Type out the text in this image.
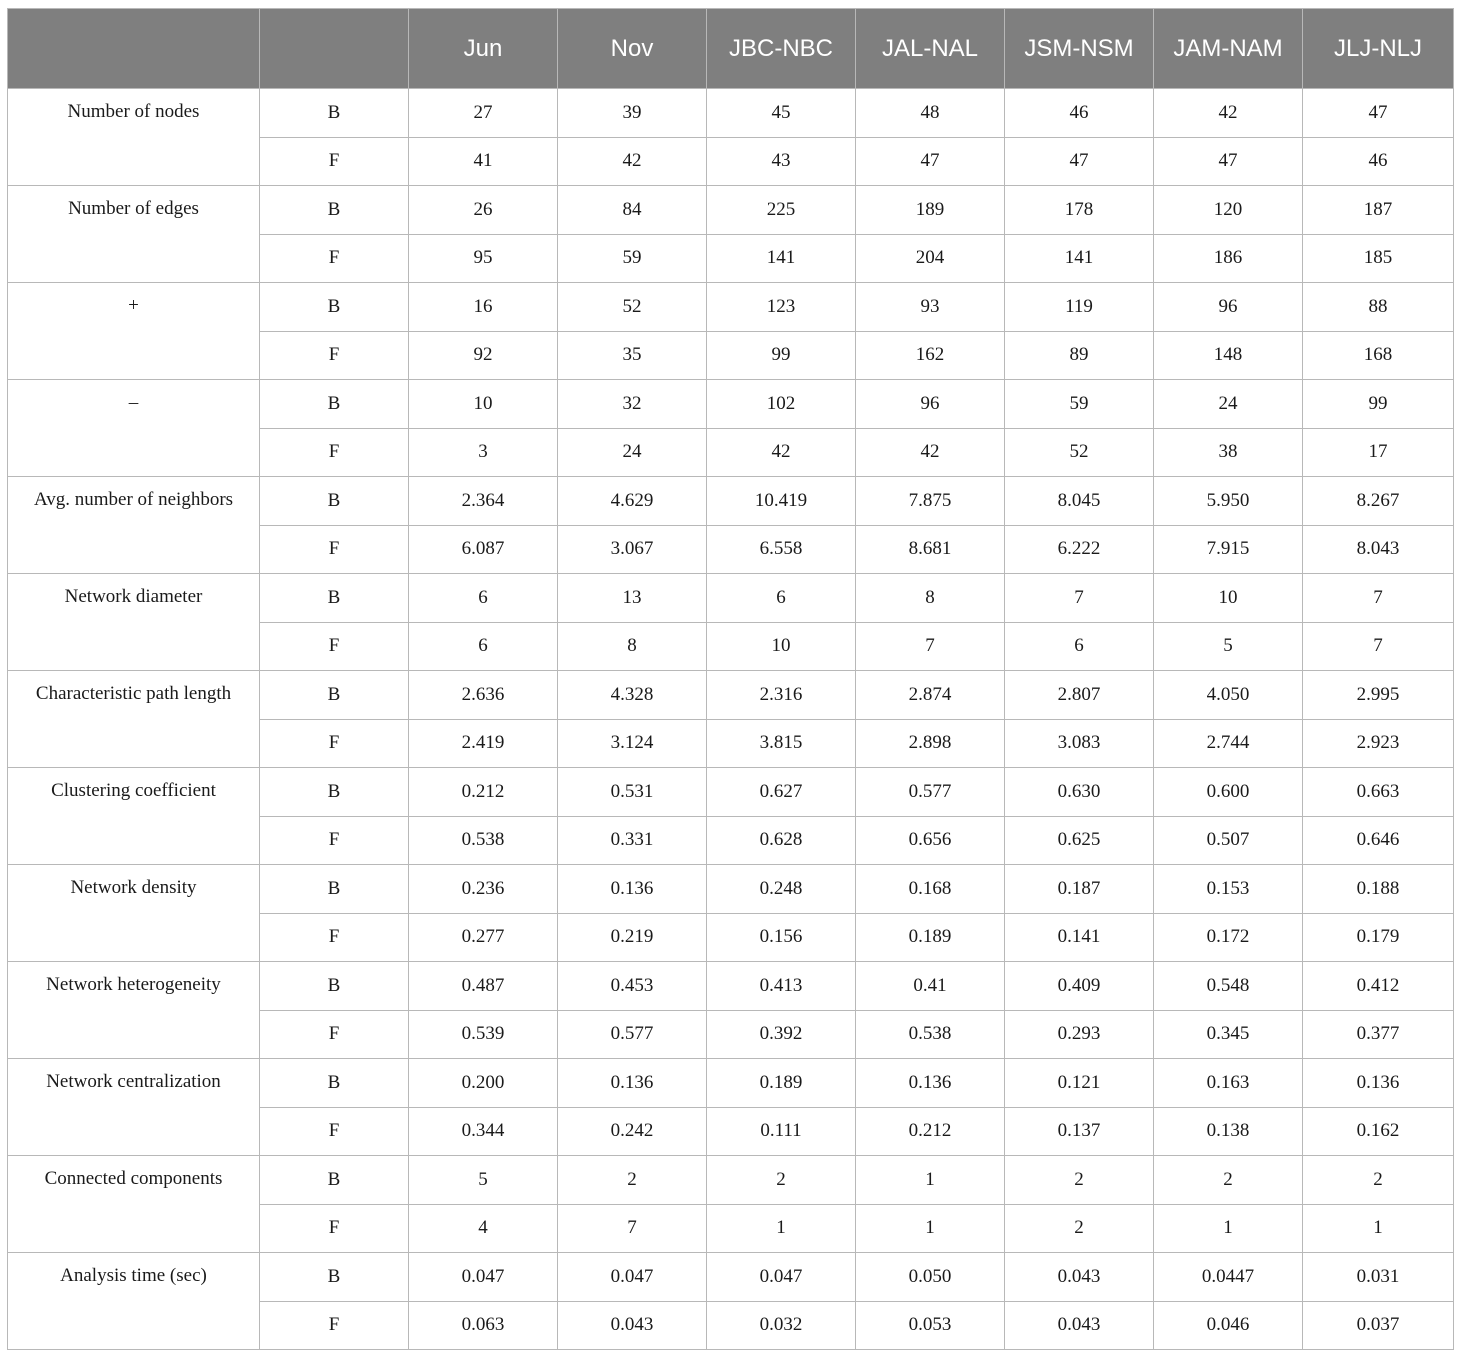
		Jun	Nov	JBC-NBC	JAL-NAL	JSM-NSM	JAM-NAM	JLJ-NLJ
Number of nodes	B	27	39	45	48	46	42	47
	F	41	42	43	47	47	47	46
Number of edges	B	26	84	225	189	178	120	187
	F	95	59	141	204	141	186	185
+	B	16	52	123	93	119	96	88
	F	92	35	99	162	89	148	168
–	B	10	32	102	96	59	24	99
	F	3	24	42	42	52	38	17
Avg. number of neighbors	B	2.364	4.629	10.419	7.875	8.045	5.950	8.267
	F	6.087	3.067	6.558	8.681	6.222	7.915	8.043
Network diameter	B	6	13	6	8	7	10	7
	F	6	8	10	7	6	5	7
Characteristic path length	B	2.636	4.328	2.316	2.874	2.807	4.050	2.995
	F	2.419	3.124	3.815	2.898	3.083	2.744	2.923
Clustering coefficient	B	0.212	0.531	0.627	0.577	0.630	0.600	0.663
	F	0.538	0.331	0.628	0.656	0.625	0.507	0.646
Network density	B	0.236	0.136	0.248	0.168	0.187	0.153	0.188
	F	0.277	0.219	0.156	0.189	0.141	0.172	0.179
Network heterogeneity	B	0.487	0.453	0.413	0.41	0.409	0.548	0.412
	F	0.539	0.577	0.392	0.538	0.293	0.345	0.377
Network centralization	B	0.200	0.136	0.189	0.136	0.121	0.163	0.136
	F	0.344	0.242	0.111	0.212	0.137	0.138	0.162
Connected components	B	5	2	2	1	2	2	2
	F	4	7	1	1	2	1	1
Analysis time (sec)	B	0.047	0.047	0.047	0.050	0.043	0.0447	0.031
	F	0.063	0.043	0.032	0.053	0.043	0.046	0.037
